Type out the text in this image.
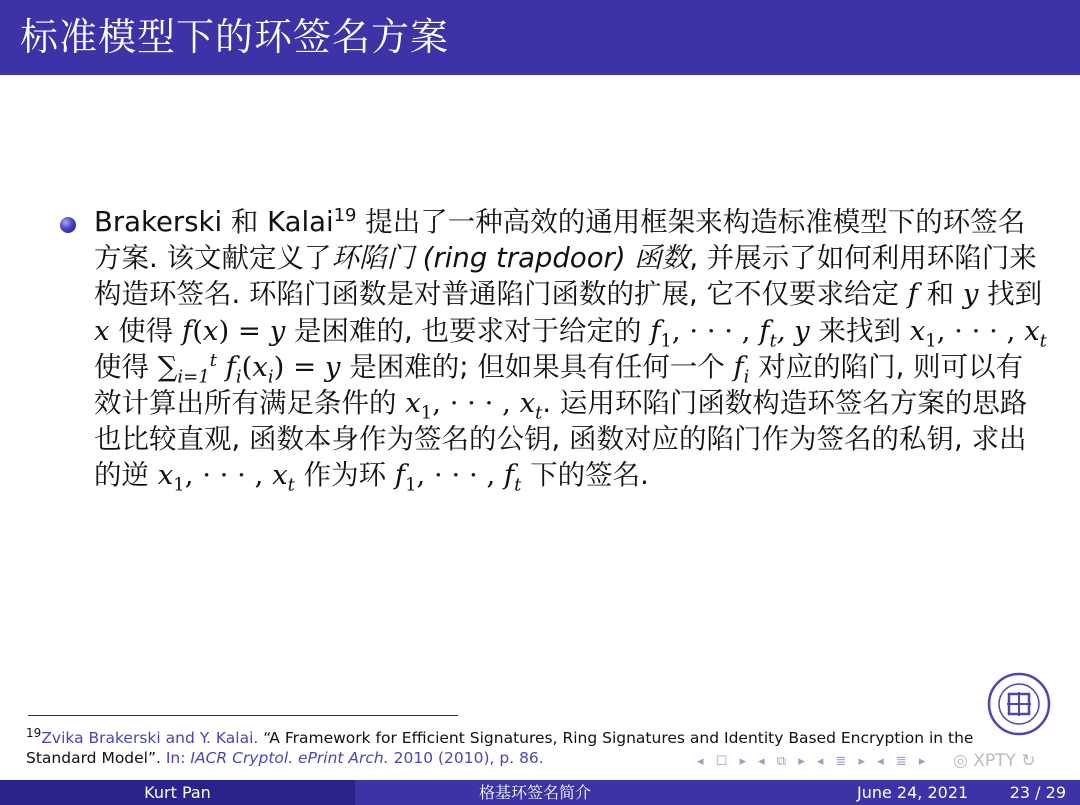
标准模型下的环签名方案
Brakerski 和 Kalai$^{19}$ 提出了一种高效的通用框架来构造标准模型下的环签名方案. 该文献定义了环陷门 (ring trapdoor) 函数, 并展示了如何利用环陷门来构造环签名. 环陷门函数是对普通陷门函数的扩展, 它不仅要求给定 f 和 y 找到 x 使得 f(x) = y 是困难的, 也要求对于给定的 $f_1$, · · · , $f_t$, y 来找到 $x_1$, · · · , $x_t$ 使得 $\sum_{i=1}^t$ $f_i(x_i) = y$ 是困难的; 但如果具有任何一个 $f_i$ 对应的陷门, 则可以有效计算出所有满足条件的 $x_1$, · · · , $x_t$. 运用环陷门函数构造环签名方案的思路也比较直观, 函数本身作为签名的公钥, 函数对应的陷门作为签名的私钥, 求出的逆 $x_1$, · · · , $x_t$ 作为环 $f_1$, · · · , $f_t$ 下的签名.
$^{19}$Zvika Brakerski and Y. Kalai. “A Framework for Efficient Signatures, Ring Signatures and Identity Based Encryption in the Standard Model”. In: IACR Cryptol. ePrint Arch. 2010 (2010), p. 86.	◂ ☐ ▸ ◂ ⧉ ▸ ◂ ≣ ▸ ◂ ≣ ▸ ◎ XPTY ↻
Kurt Pan	格基环签名简介	June 24, 2021	23 / 29
